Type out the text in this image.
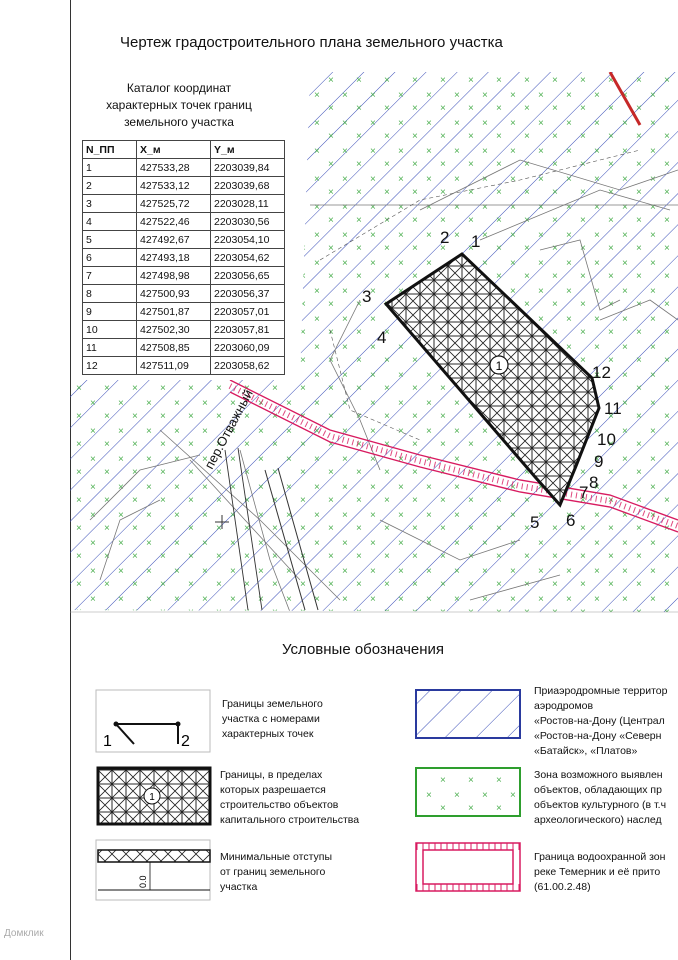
1
1
2
3
4
5 6
7
8
9
10
11
12
пер.Отважный
1	2
1
0.0
Чертеж градостроительного плана земельного участка
Каталог координат
характерных точек границ
земельного участка
N_ПП	X_м	Y_м
1	427533,28	2203039,84
2	427533,12	2203039,68
3	427525,72	2203028,11
4	427522,46	2203030,56
5	427492,67	2203054,10
6	427493,18	2203054,62
7	427498,98	2203056,65
8	427500,93	2203056,37
9	427501,87	2203057,01
10	427502,30	2203057,81
11	427508,85	2203060,09
12	427511,09	2203058,62
Условные обозначения
Границы земельного
участка с номерами
характерных точек
Границы, в пределах
которых разрешается
строительство объектов
капитального строительства
Минимальные отступы
от границ земельного
участка
Приаэродромные территор
аэродромов
«Ростов-на-Дону (Централ
«Ростов-на-Дону «Северн
«Батайск», «Платов»
Зона возможного выявлен
объектов, обладающих пр
объектов культурного (в т.ч
археологического) наслед
Граница водоохранной зон
реке Темерник и её прито
(61.00.2.48)
Домклик
